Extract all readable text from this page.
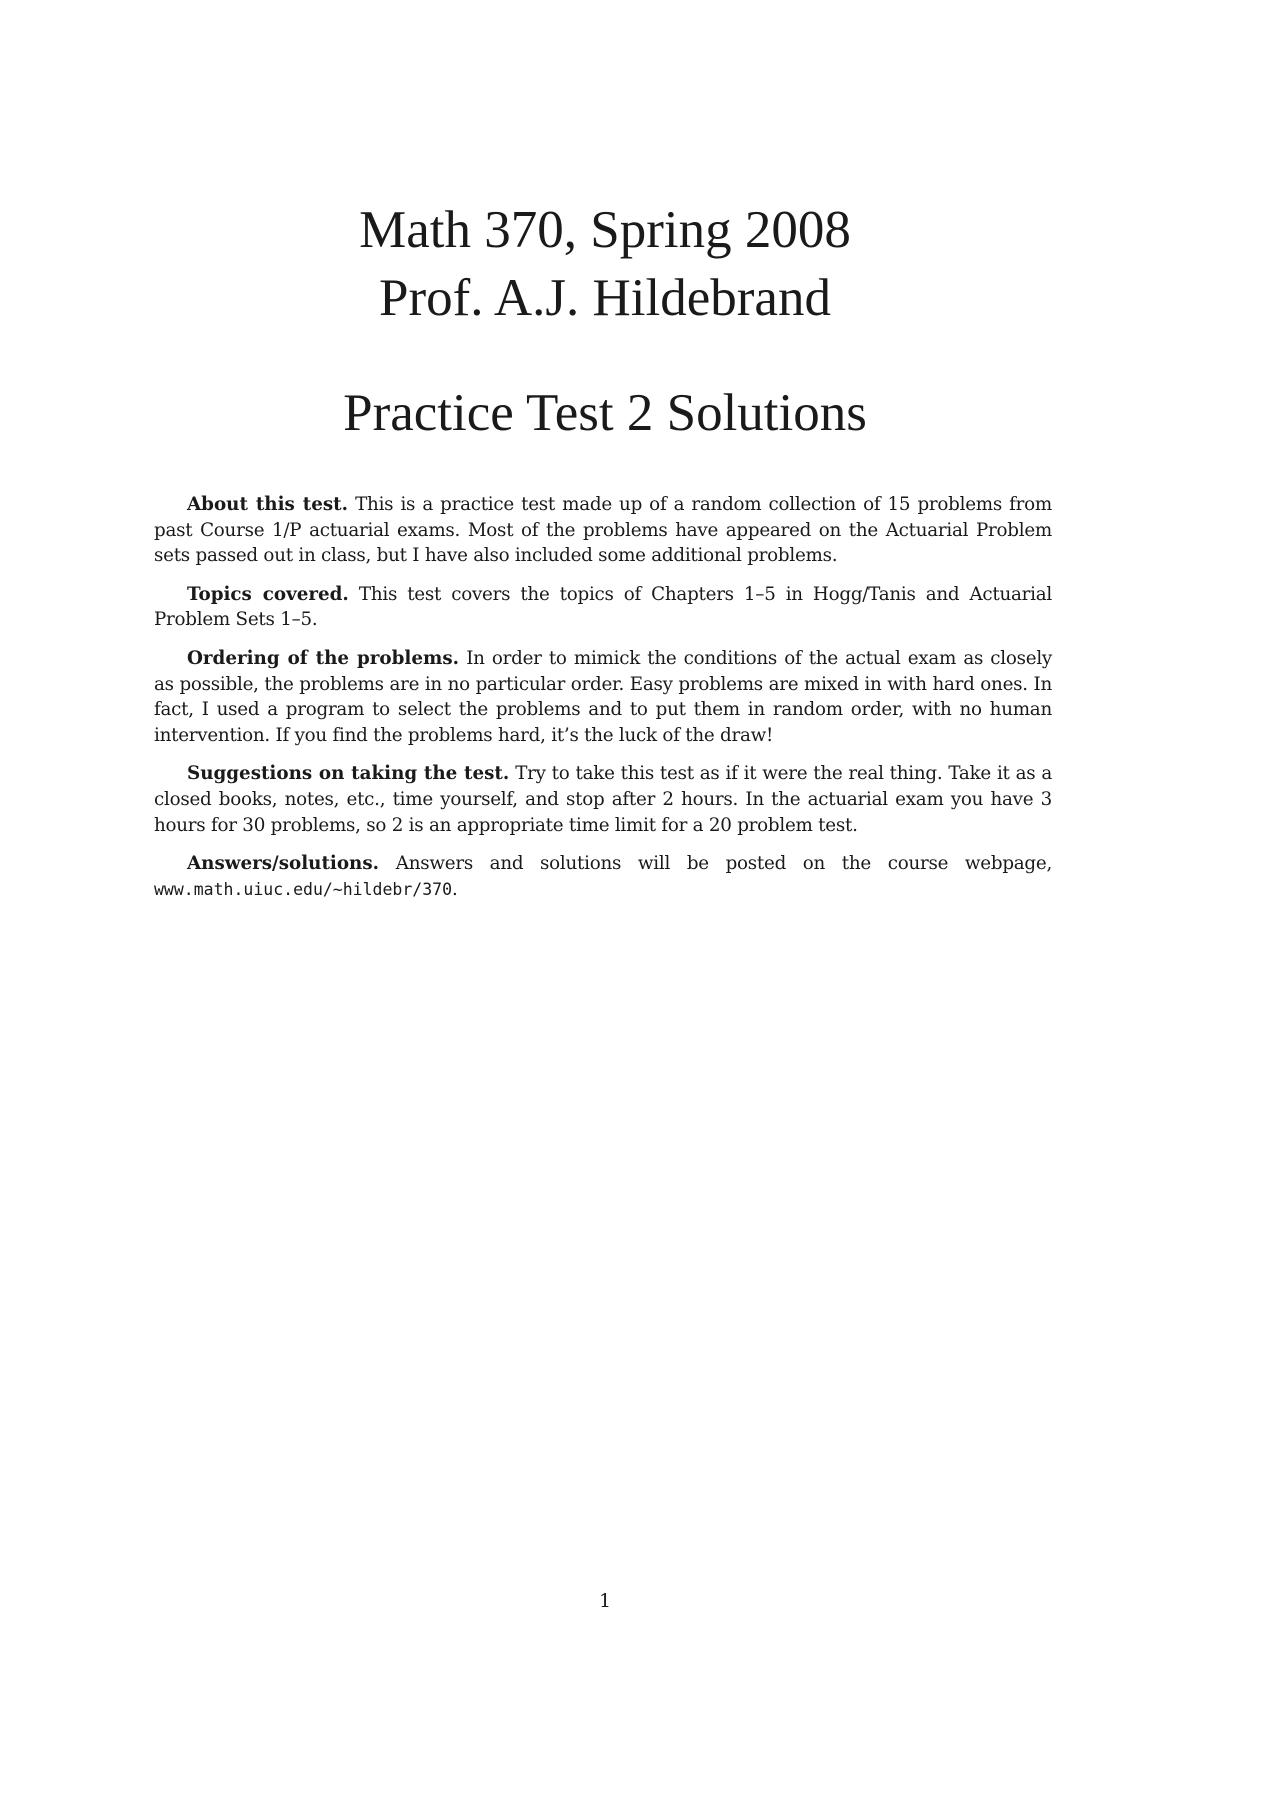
Math 370, Spring 2008
Prof. A.J. Hildebrand
Practice Test 2 Solutions

About this test. This is a practice test made up of a random collection of 15 problems from past Course 1/P actuarial exams. Most of the problems have appeared on the Actuarial Problem sets passed out in class, but I have also included some additional problems.

Topics covered. This test covers the topics of Chapters 1–5 in Hogg/Tanis and Actuarial Problem Sets 1–5.

Ordering of the problems. In order to mimick the conditions of the actual exam as closely as possible, the problems are in no particular order. Easy problems are mixed in with hard ones. In fact, I used a program to select the problems and to put them in random order, with no human intervention. If you find the problems hard, it’s the luck of the draw!

Suggestions on taking the test. Try to take this test as if it were the real thing. Take it as a closed books, notes, etc., time yourself, and stop after 2 hours. In the actuarial exam you have 3 hours for 30 problems, so 2 is an appropriate time limit for a 20 problem test.

Answers/solutions. Answers and solutions will be posted on the course webpage, www.math.uiuc.edu/~hildebr/370.

1
